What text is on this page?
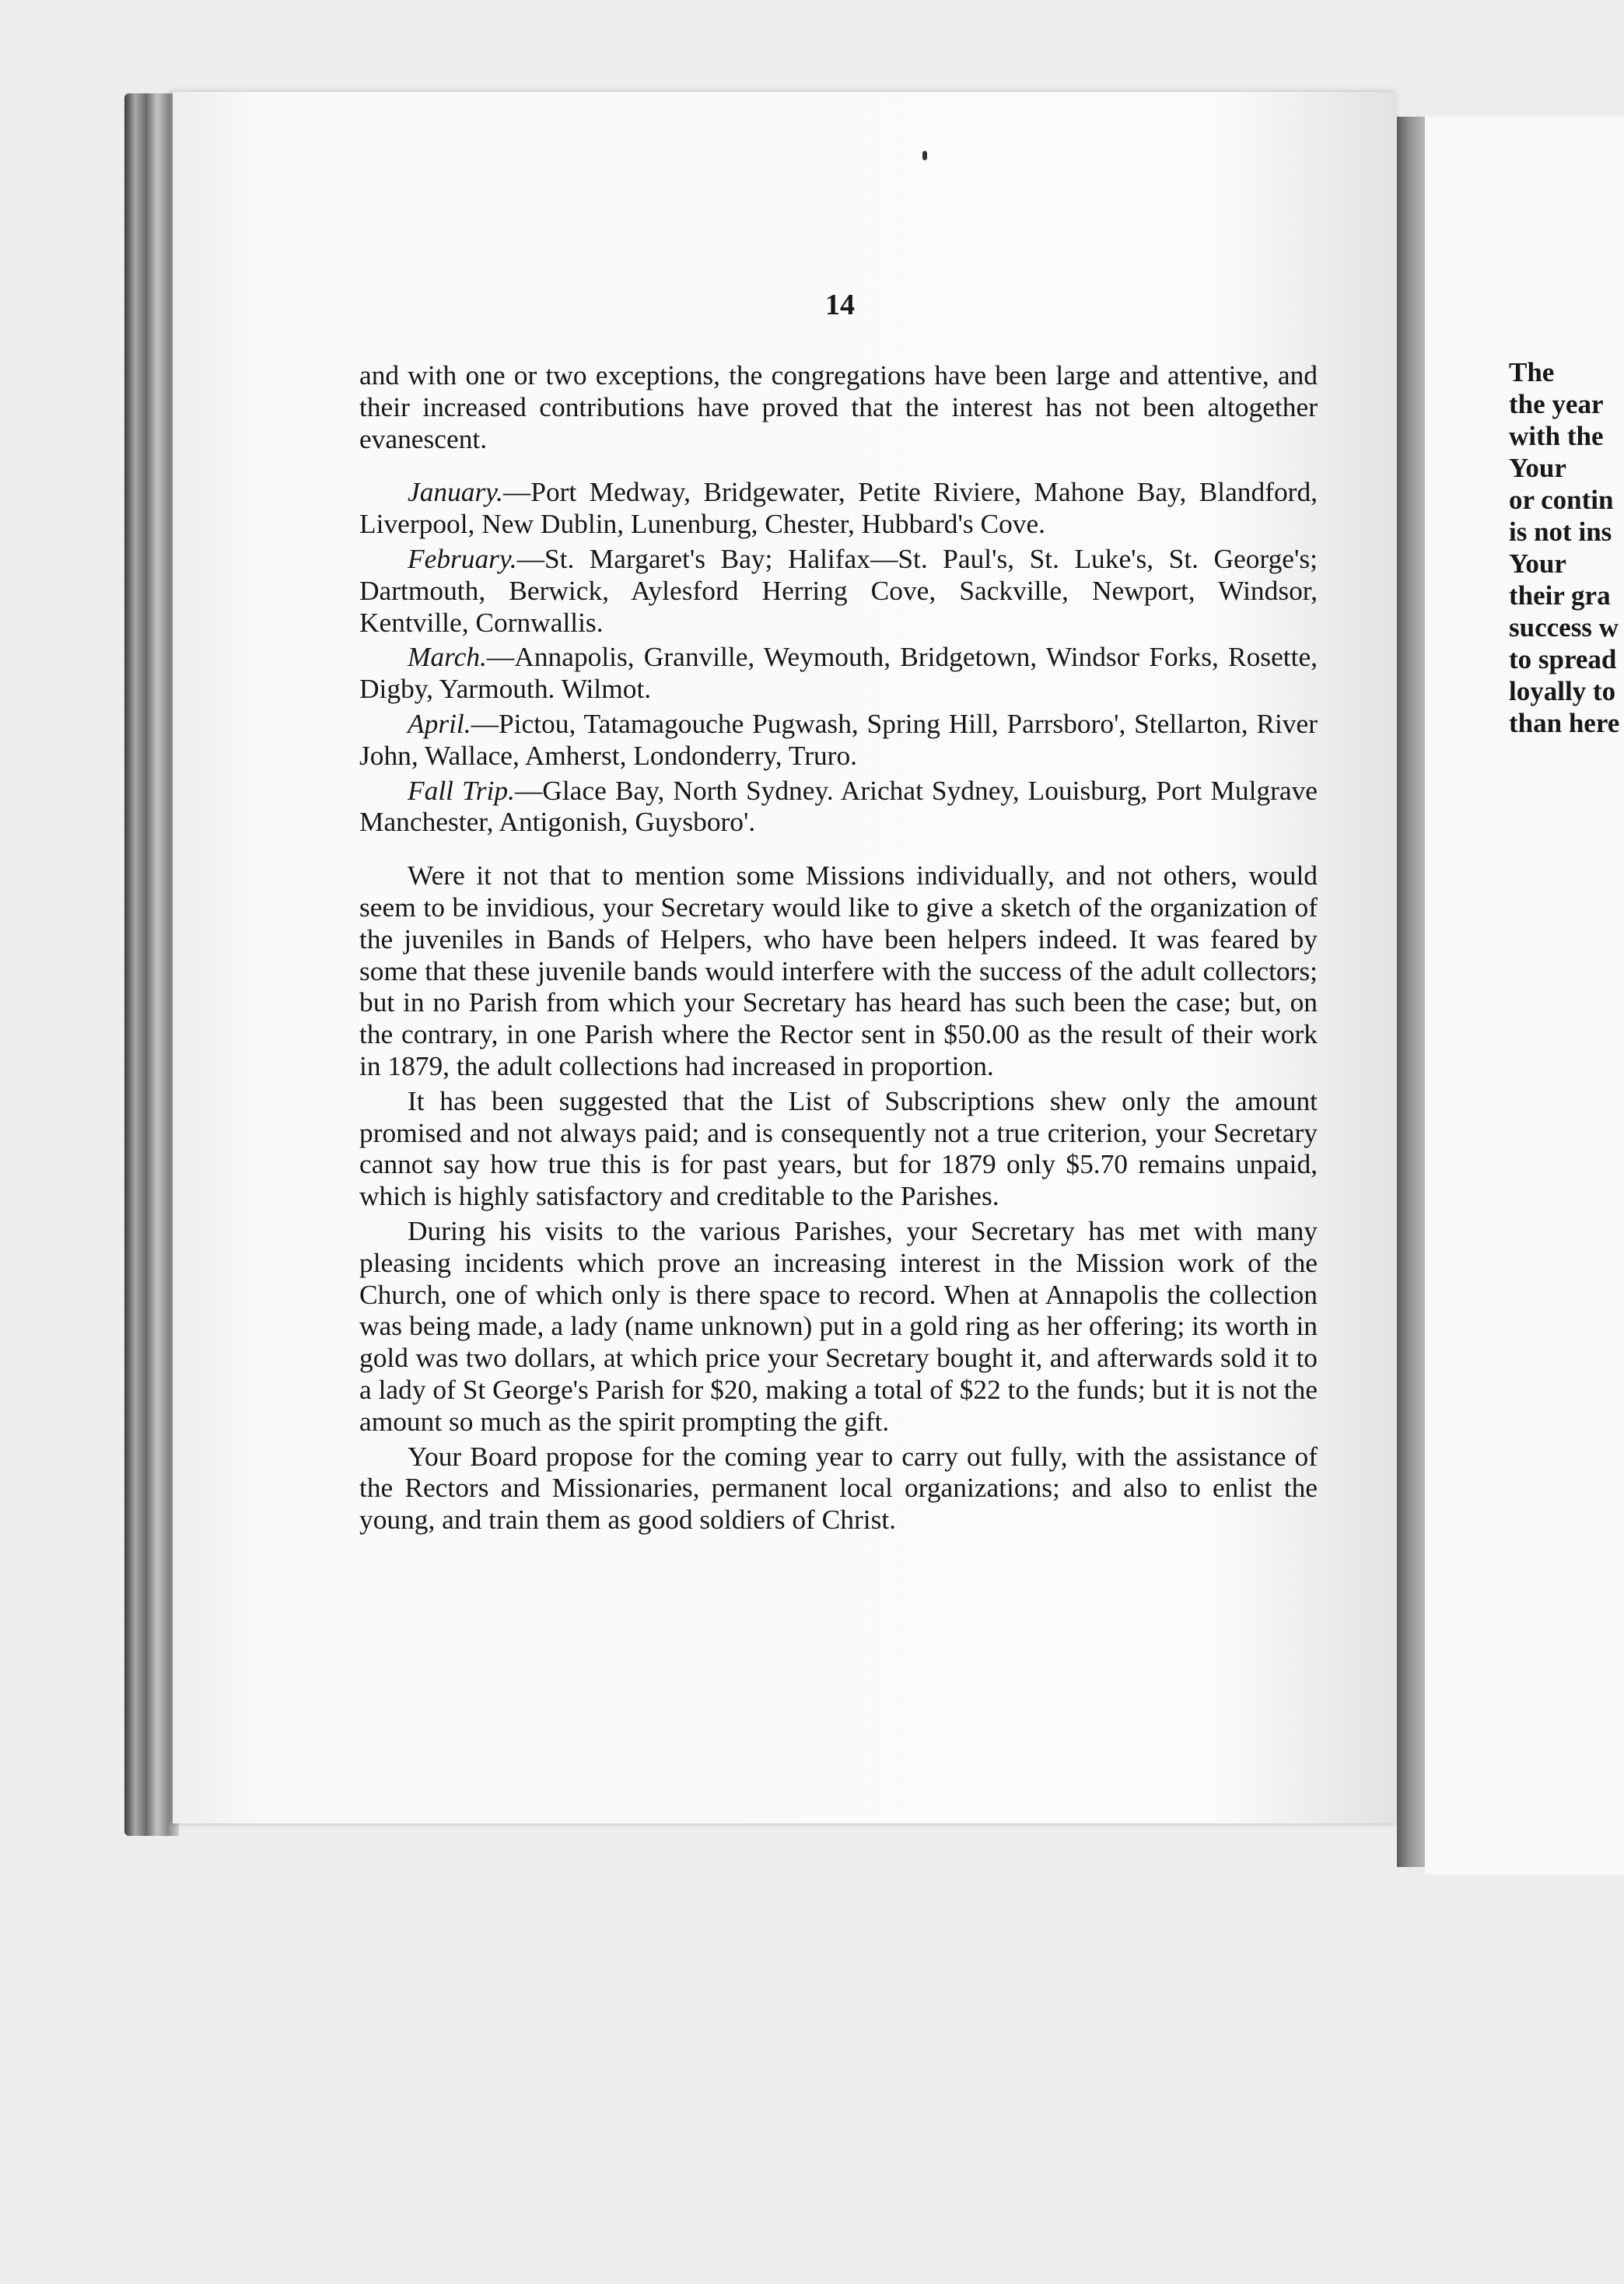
14

and with one or two exceptions, the congregations have been large and attentive, and their increased contributions have proved that the interest has not been altogether evanescent.

January.—Port Medway, Bridgewater, Petite Riviere, Mahone Bay, Blandford, Liverpool, New Dublin, Lunenburg, Chester, Hubbard's Cove.

February.—St. Margaret's Bay; Halifax—St. Paul's, St. Luke's, St. George's; Dartmouth, Berwick, Aylesford Herring Cove, Sackville, Newport, Windsor, Kentville, Cornwallis.

March.—Annapolis, Granville, Weymouth, Bridgetown, Windsor Forks, Rosette, Digby, Yarmouth. Wilmot.

April.—Pictou, Tatamagouche Pugwash, Spring Hill, Parrsboro', Stellarton, River John, Wallace, Amherst, Londonderry, Truro.

Fall Trip.—Glace Bay, North Sydney. Arichat Sydney, Louisburg, Port Mulgrave Manchester, Antigonish, Guysboro'.

Were it not that to mention some Missions individually, and not others, would seem to be invidious, your Secretary would like to give a sketch of the organization of the juveniles in Bands of Helpers, who have been helpers indeed. It was feared by some that these juvenile bands would interfere with the success of the adult collectors; but in no Parish from which your Secretary has heard has such been the case; but, on the contrary, in one Parish where the Rector sent in $50.00 as the result of their work in 1879, the adult collections had increased in proportion.

It has been suggested that the List of Subscriptions shew only the amount promised and not always paid; and is consequently not a true criterion, your Secretary cannot say how true this is for past years, but for 1879 only $5.70 remains unpaid, which is highly satisfactory and creditable to the Parishes.

During his visits to the various Parishes, your Secretary has met with many pleasing incidents which prove an increasing interest in the Mission work of the Church, one of which only is there space to record. When at Annapolis the collection was being made, a lady (name unknown) put in a gold ring as her offering; its worth in gold was two dollars, at which price your Secretary bought it, and afterwards sold it to a lady of St George's Parish for $20, making a total of $22 to the funds; but it is not the amount so much as the spirit prompting the gift.

Your Board propose for the coming year to carry out fully, with the assistance of the Rectors and Missionaries, permanent local organizations; and also to enlist the young, and train them as good soldiers of Christ.

The
the year
with the
Your
or contin
is not ins
Your
their gra
success w
to spread
loyally to
than here
